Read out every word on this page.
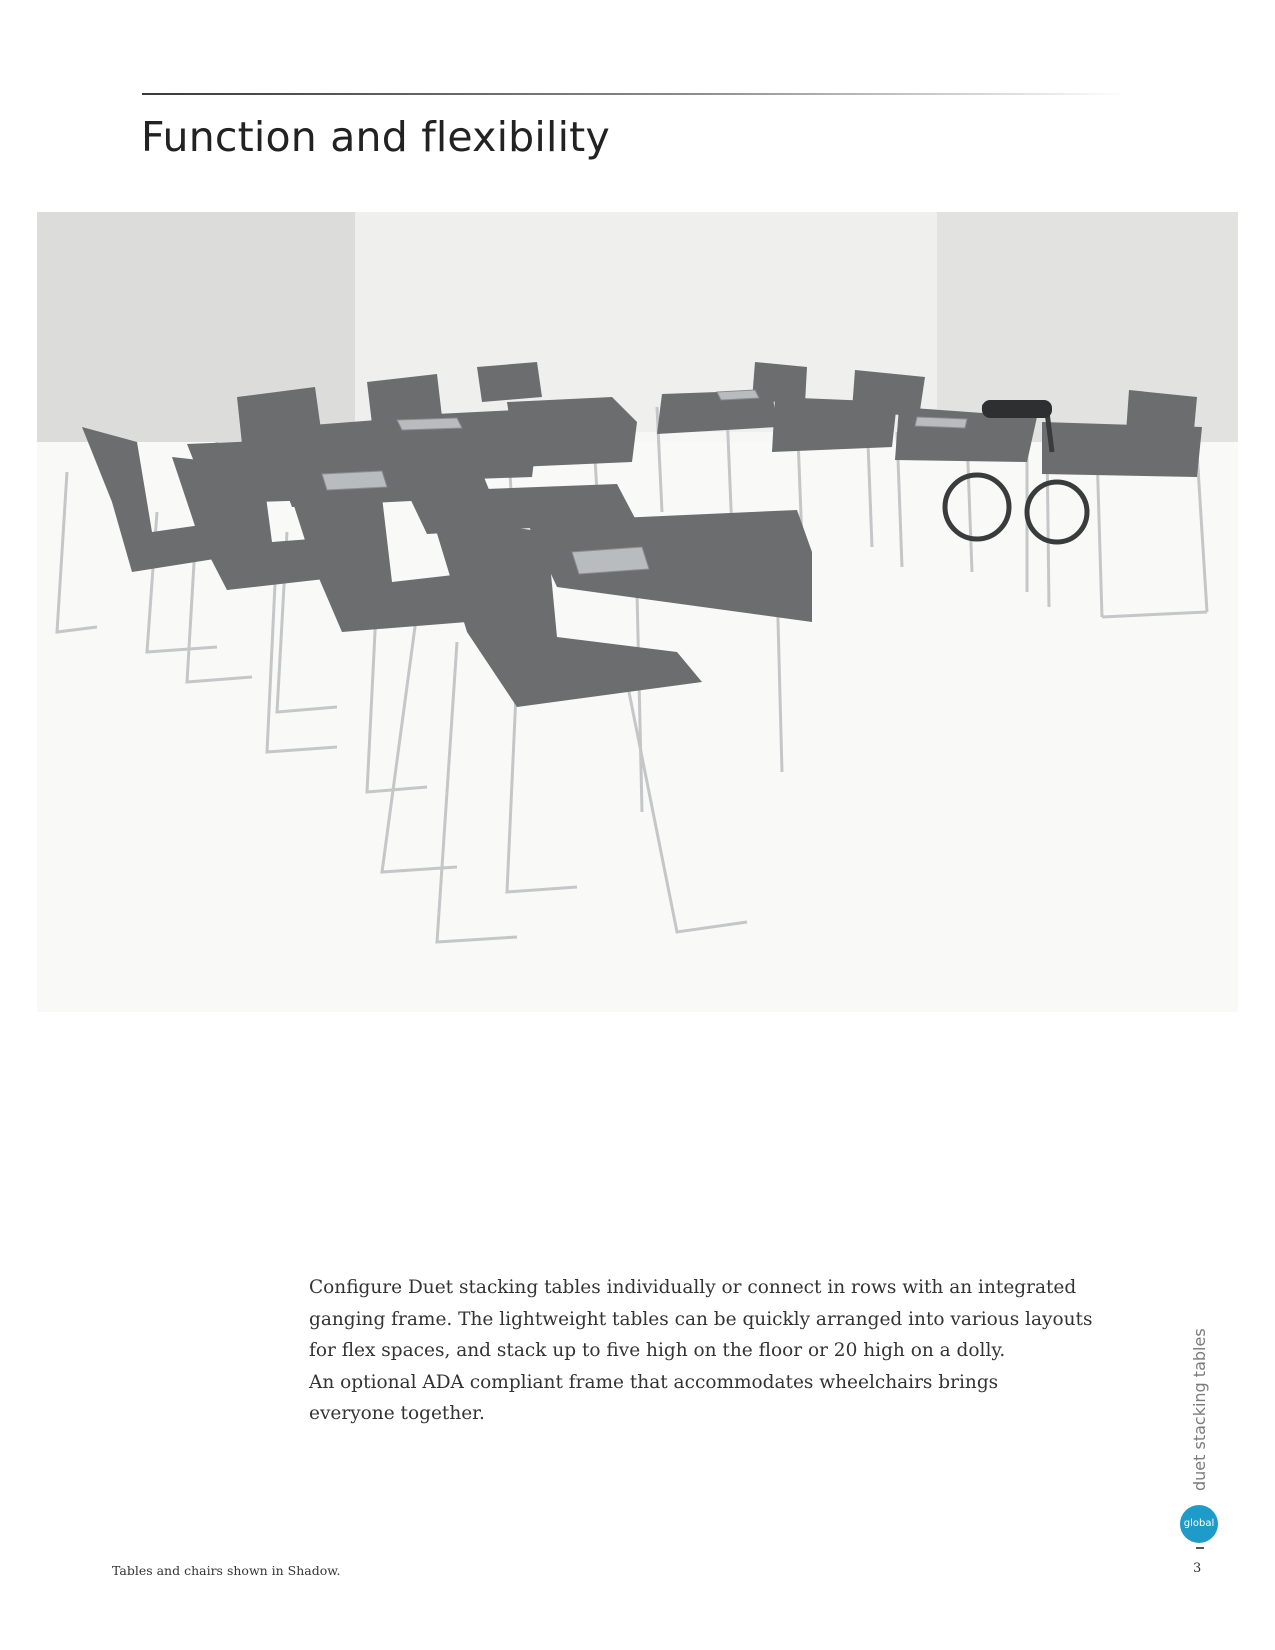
Function and flexibility

Configure Duet stacking tables individually or connect in rows with an integrated
ganging frame. The lightweight tables can be quickly arranged into various layouts
for flex spaces, and stack up to five high on the floor or 20 high on a dolly.
An optional ADA compliant frame that accommodates wheelchairs brings
everyone together.

Tables and chairs shown in Shadow.

duet stacking tables
global

3
